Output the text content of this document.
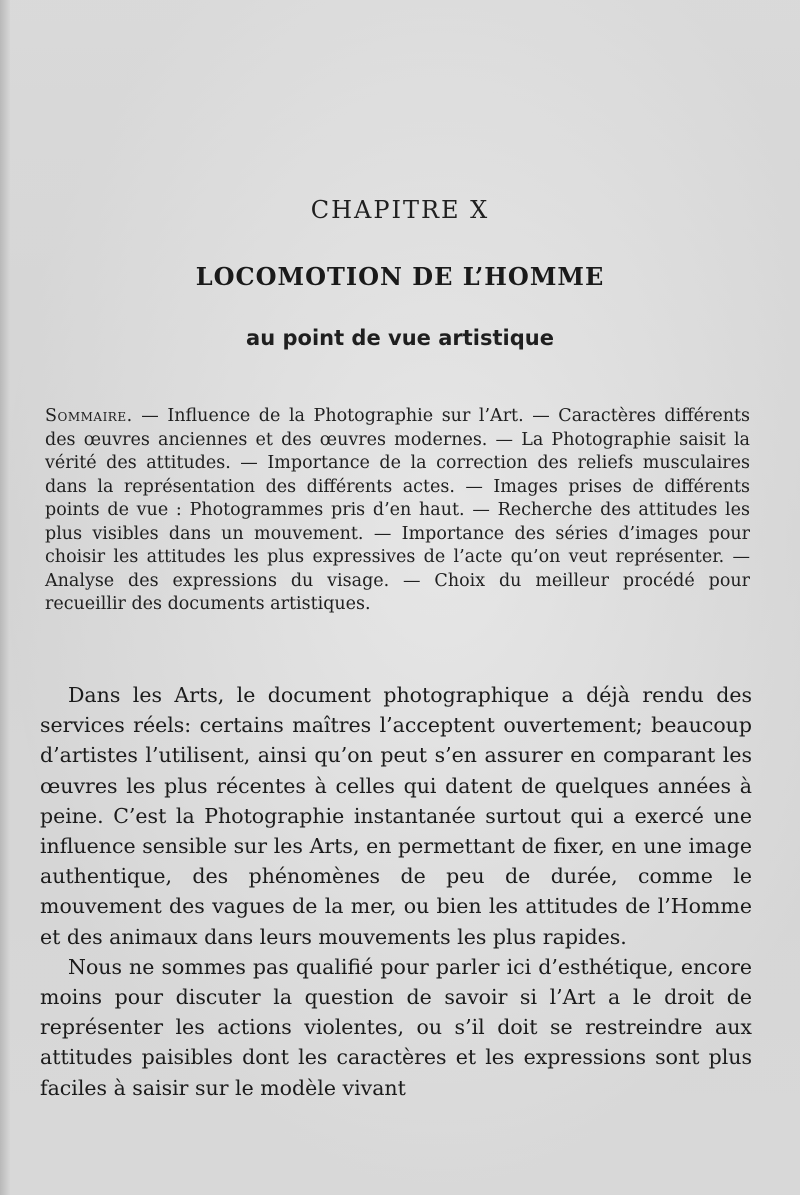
CHAPITRE X
LOCOMOTION DE L’HOMME
au point de vue artistique
Sommaire. — Influence de la Photographie sur l’Art. — Caractères différents des œuvres anciennes et des œuvres modernes. — La Photographie saisit la vérité des attitudes. — Importance de la correction des reliefs musculaires dans la représentation des différents actes. — Images prises de différents points de vue : Photogrammes pris d’en haut. — Recherche des attitudes les plus visibles dans un mouvement. — Importance des séries d’images pour choisir les attitudes les plus expressives de l’acte qu’on veut représenter. — Analyse des expressions du visage. — Choix du meilleur procédé pour recueillir des documents artistiques.

Dans les Arts, le document photographique a déjà rendu des services réels: certains maîtres l’acceptent ouvertement; beaucoup d’artistes l’utilisent, ainsi qu’on peut s’en assurer en comparant les œuvres les plus récentes à celles qui datent de quelques années à peine. C’est la Photographie instantanée surtout qui a exercé une influence sensible sur les Arts, en permettant de fixer, en une image authentique, des phénomènes de peu de durée, comme le mouvement des vagues de la mer, ou bien les attitudes de l’Homme et des animaux dans leurs mouvements les plus rapides.

Nous ne sommes pas qualifié pour parler ici d’esthétique, encore moins pour discuter la question de savoir si l’Art a le droit de représenter les actions violentes, ou s’il doit se restreindre aux attitudes paisibles dont les caractères et les expressions sont plus faciles à saisir sur le modèle vivant
